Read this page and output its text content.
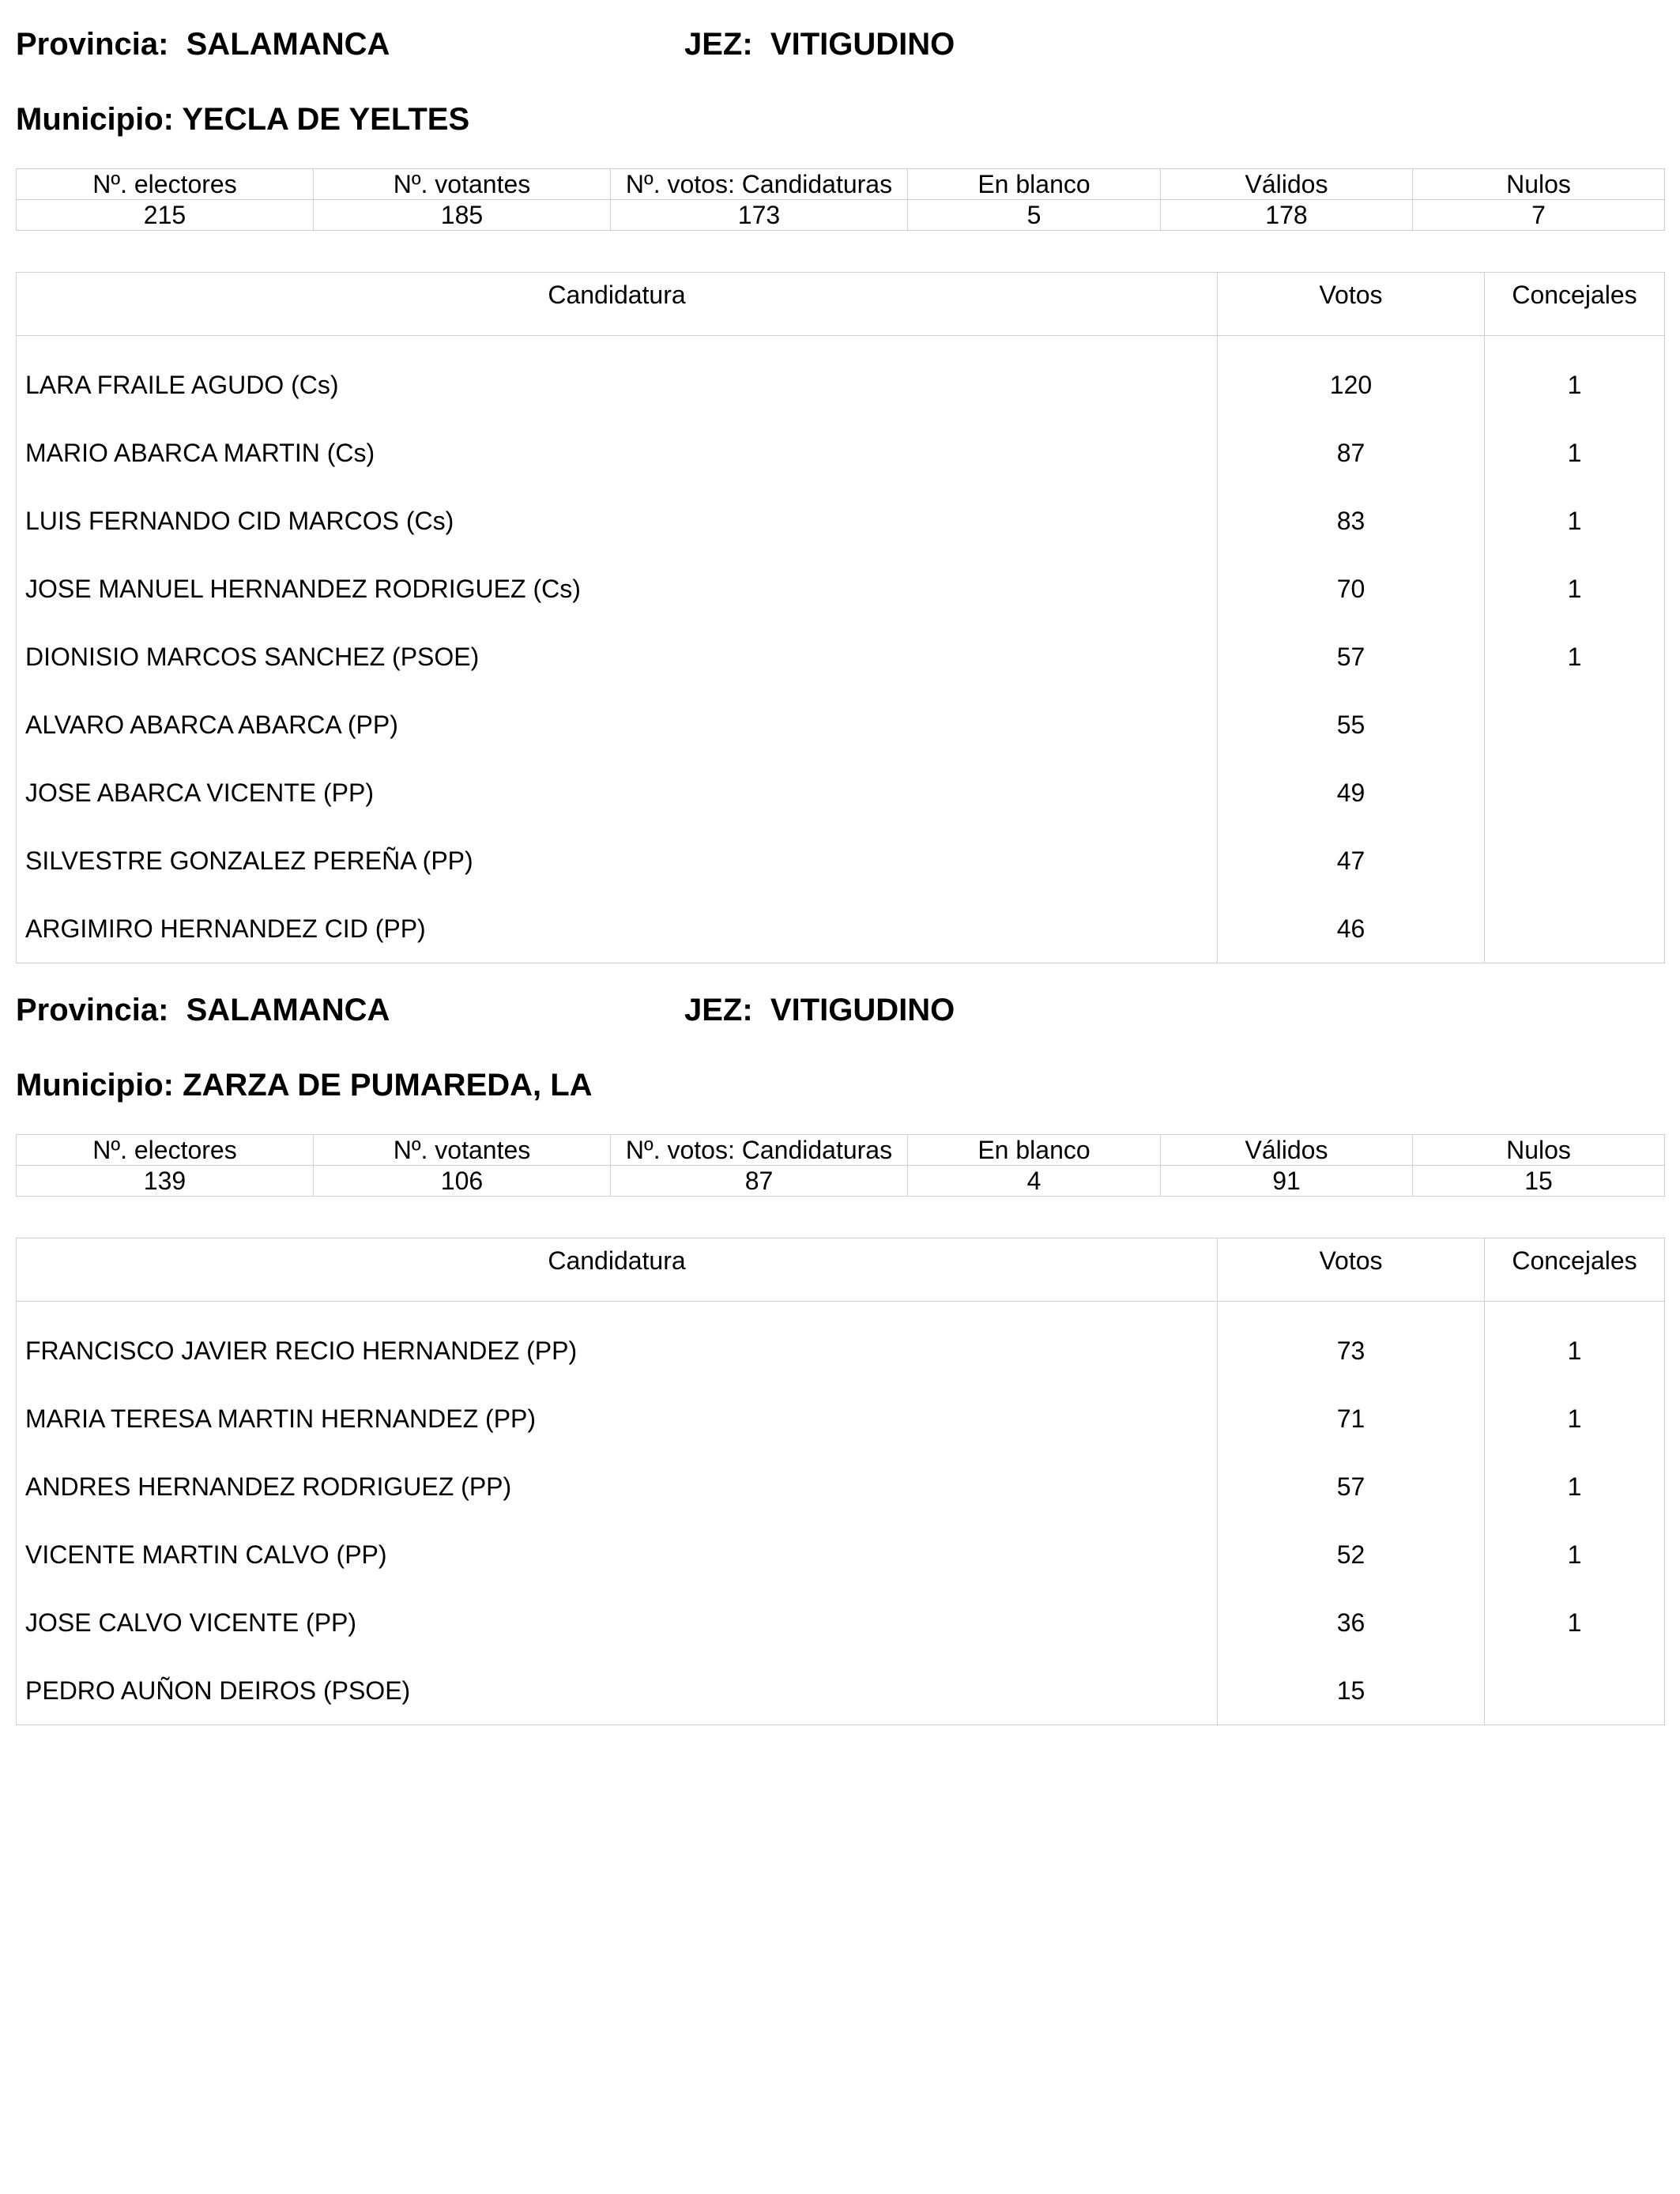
Provincia:  SALAMANCA	JEZ:  VITIGUDINO
Municipio: YECLA DE YELTES
Nº. electores	Nº. votantes	Nº. votos: Candidaturas	En blanco	Válidos	Nulos
215	185	173	5	178	7
Candidatura	Votos	Concejales

LARA FRAILE AGUDO (Cs)	120	1
MARIO ABARCA MARTIN (Cs)	87	1
LUIS FERNANDO CID MARCOS (Cs)	83	1
JOSE MANUEL HERNANDEZ RODRIGUEZ (Cs)	70	1
DIONISIO MARCOS SANCHEZ (PSOE)	57	1
ALVARO ABARCA ABARCA (PP)	55	
JOSE ABARCA VICENTE (PP)	49	
SILVESTRE GONZALEZ PEREÑA (PP)	47	
ARGIMIRO HERNANDEZ CID (PP)	46	
Provincia:  SALAMANCA	JEZ:  VITIGUDINO
Municipio: ZARZA DE PUMAREDA, LA
Nº. electores	Nº. votantes	Nº. votos: Candidaturas	En blanco	Válidos	Nulos
139	106	87	4	91	15
Candidatura	Votos	Concejales

FRANCISCO JAVIER RECIO HERNANDEZ (PP)	73	1
MARIA TERESA MARTIN HERNANDEZ (PP)	71	1
ANDRES HERNANDEZ RODRIGUEZ (PP)	57	1
VICENTE MARTIN CALVO (PP)	52	1
JOSE CALVO VICENTE (PP)	36	1
PEDRO AUÑON DEIROS (PSOE)	15	
